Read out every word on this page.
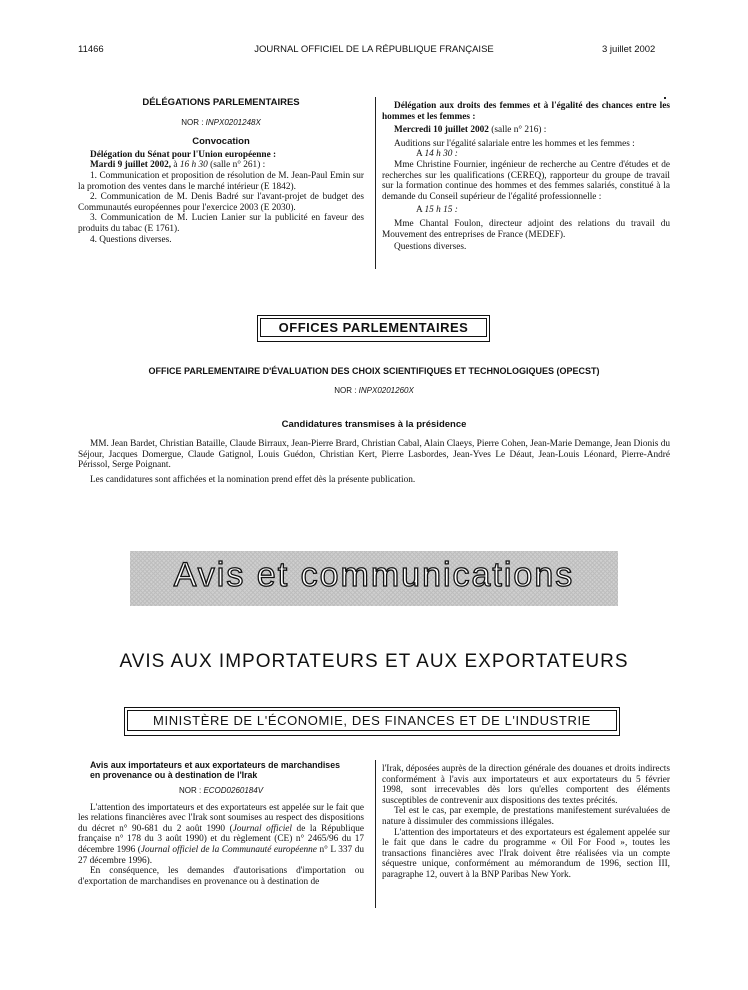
11466	JOURNAL OFFICIEL DE LA RÉPUBLIQUE FRANÇAISE	3 juillet 2002
DÉLÉGATIONS PARLEMENTAIRES
NOR : INPX0201248X
Convocation
Délégation du Sénat pour l'Union européenne :
Mardi 9 juillet 2002, à 16 h 30 (salle n° 261) :

1. Communication et proposition de résolution de M. Jean-Paul Emin sur la promotion des ventes dans le marché intérieur (E 1842).

2. Communication de M. Denis Badré sur l'avant-projet de budget des Communautés européennes pour l'exercice 2003 (E 2030).

3. Communication de M. Lucien Lanier sur la publicité en faveur des produits du tabac (E 1761).

4. Questions diverses.

Délégation aux droits des femmes et à l'égalité des chances entre les hommes et les femmes :
Mercredi 10 juillet 2002 (salle n° 216) :

Auditions sur l'égalité salariale entre les hommes et les femmes :

A 14 h 30 :

Mme Christine Fournier, ingénieur de recherche au Centre d'études et de recherches sur les qualifications (CEREQ), rapporteur du groupe de travail sur la formation continue des hommes et des femmes salariés, constitué à la demande du Conseil supérieur de l'égalité professionnelle :

A 15 h 15 :

Mme Chantal Foulon, directeur adjoint des relations du travail du Mouvement des entreprises de France (MEDEF).

Questions diverses.

OFFICES PARLEMENTAIRES
OFFICE PARLEMENTAIRE D'ÉVALUATION DES CHOIX SCIENTIFIQUES ET TECHNOLOGIQUES (OPECST)
NOR : INPX0201260X
Candidatures transmises à la présidence

MM. Jean Bardet, Christian Bataille, Claude Birraux, Jean-Pierre Brard, Christian Cabal, Alain Claeys, Pierre Cohen, Jean-Marie Demange, Jean Dionis du Séjour, Jacques Domergue, Claude Gatignol, Louis Guédon, Christian Kert, Pierre Lasbordes, Jean-Yves Le Déaut, Jean-Louis Léonard, Pierre-André Périssol, Serge Poignant.

Les candidatures sont affichées et la nomination prend effet dès la présente publication.

Avis et communications
AVIS AUX IMPORTATEURS ET AUX EXPORTATEURS
MINISTÈRE DE L'ÉCONOMIE, DES FINANCES ET DE L'INDUSTRIE
Avis aux importateurs et aux exportateurs de marchandises en provenance ou à destination de l'Irak
NOR : ECOD0260184V

L'attention des importateurs et des exportateurs est appelée sur le fait que les relations financières avec l'Irak sont soumises au respect des dispositions du décret n° 90-681 du 2 août 1990 (Journal officiel de la République française n° 178 du 3 août 1990) et du règlement (CE) n° 2465/96 du 17 décembre 1996 (Journal officiel de la Communauté européenne n° L 337 du 27 décembre 1996).

En conséquence, les demandes d'autorisations d'importation ou d'exportation de marchandises en provenance ou à destination de

l'Irak, déposées auprès de la direction générale des douanes et droits indirects conformément à l'avis aux importateurs et aux exportateurs du 5 février 1998, sont irrecevables dès lors qu'elles comportent des éléments susceptibles de contrevenir aux dispositions des textes précités.

Tel est le cas, par exemple, de prestations manifestement surévaluées de nature à dissimuler des commissions illégales.

L'attention des importateurs et des exportateurs est également appelée sur le fait que dans le cadre du programme « Oil For Food », toutes les transactions financières avec l'Irak doivent être réalisées via un compte séquestre unique, conformément au mémorandum de 1996, section III, paragraphe 12, ouvert à la BNP Paribas New York.
